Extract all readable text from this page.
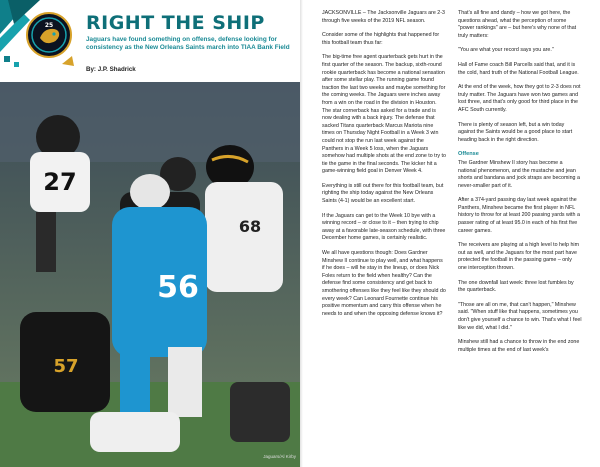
25 RIGHT THE SHIP
Jaguars have found something on offense, defense looking for consistency as the New Orleans Saints march into TIAA Bank Field
By: J.P. Shadrick
27
68
56
57
Jaguars/Al Kirby

JACKSONVILLE – The Jacksonville Jaguars are 2-3 through five weeks of the 2019 NFL season.

Consider some of the highlights that happened for this football team thus far:

The big-time free agent quarterback gets hurt in the first quarter of the season. The backup, sixth-round rookie quarterback has become a national sensation after some stellar play. The running game found traction the last two weeks and maybe something for the coming weeks. The Jaguars were inches away from a win on the road in the division in Houston. The star cornerback has asked for a trade and is now dealing with a back injury. The defense that sacked Titans quarterback Marcus Mariota nine times on Thursday Night Football in a Week 3 win could not stop the run last week against the Panthers in a Week 5 loss, when the Jaguars somehow had multiple shots at the end zone to try to tie the game in the final seconds. The kicker hit a game-winning field goal in Denver Week 4.

Everything is still out there for this football team, but righting the ship today against the New Orleans Saints (4-1) would be an excellent start.

If the Jaguars can get to the Week 10 bye with a winning record – or close to it – then trying to chip away at a favorable late-season schedule, with three December home games, is certainly realistic.

We all have questions though: Does Gardner Minshew II continue to play well, and what happens if he does – will he stay in the lineup, or does Nick Foles return to the field when healthy? Can the defense find some consistency and get back to smothering offenses like they feel like they should do every week? Can Leonard Fournette continue his positive momentum and carry this offense when he needs to and when the opposing defense knows it?

That's all fine and dandy – how we got here, the questions ahead, what the perception of some "power rankings" are – but here's why none of that truly matters:

"You are what your record says you are."

Hall of Fame coach Bill Parcells said that, and it is the cold, hard truth of the National Football League.

At the end of the week, how they got to 2-3 does not truly matter. The Jaguars have won two games and lost three, and that's only good for third place in the AFC South currently.

There is plenty of season left, but a win today against the Saints would be a good place to start heading back in the right direction.

Offense

The Gardner Minshew II story has become a national phenomenon, and the mustache and jean shorts and bandana and jock straps are becoming a never-smaller part of it.

After a 374-yard passing day last week against the Panthers, Minshew became the first player in NFL history to throw for at least 200 passing yards with a passer rating of at least 95.0 in each of his first five career games.

The receivers are playing at a high level to help him out as well, and the Jaguars for the most part have protected the football in the passing game – only one interception thrown.

The one downfall last week: three lost fumbles by the quarterback.

"Those are all on me, that can't happen," Minshew said. "When stuff like that happens, sometimes you don't give yourself a chance to win. That's what I feel like we did, what I did."

Minshew still had a chance to throw in the end zone multiple times at the end of last week's
